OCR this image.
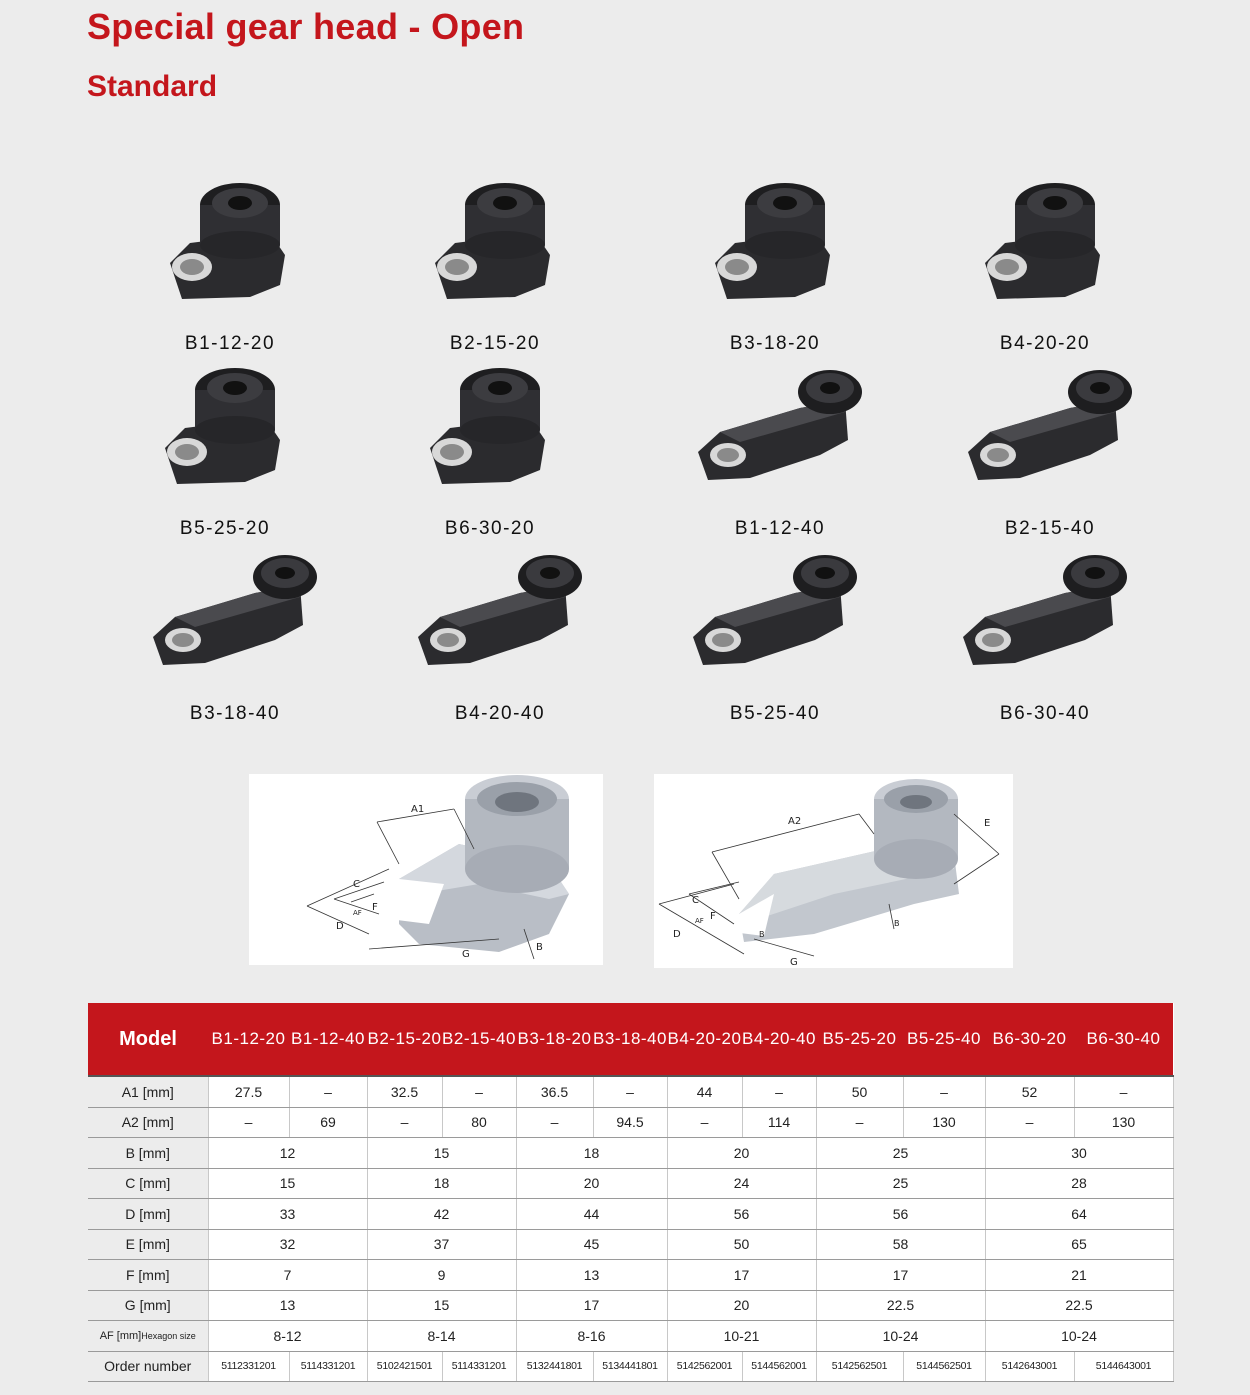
Special gear head - Open
Standard
B1-12-20	B2-15-20	B3-18-20	B4-20-20
B5-25-20	B6-30-20	B1-12-40	B2-15-40
B3-18-40	B4-20-40	B5-25-40	B6-30-40
A1
C
F
AF
D
G
B
A2	E
C
F
AF
D	B
G
B
Model	B1-12-20	B1-12-40	B2-15-20	B2-15-40	B3-18-20	B3-18-40	B4-20-20	B4-20-40	B5-25-20	B5-25-40	B6-30-20	B6-30-40
A1 [mm]	27.5	–	32.5	–	36.5	–	44	–	50	–	52	–
A2 [mm]	–	69	–	80	–	94.5	–	114	–	130	–	130
B [mm]	12		15		18		20		25		30	
C [mm]	15		18		20		24		25		28	
D [mm]	33		42		44		56		56		64	
E [mm]	32		37		45		50		58		65	
F [mm]	7		9		13		17		17		21	
G [mm]	13		15		17		20		22.5		22.5	
AF [mm]Hexagon size	8-12		8-14		8-16		10-21		10-24		10-24	
Order number	5112331201	5114331201	5102421501	5114331201	5132441801	5134441801	5142562001	5144562001	5142562501	5144562501	5142643001	5144643001
